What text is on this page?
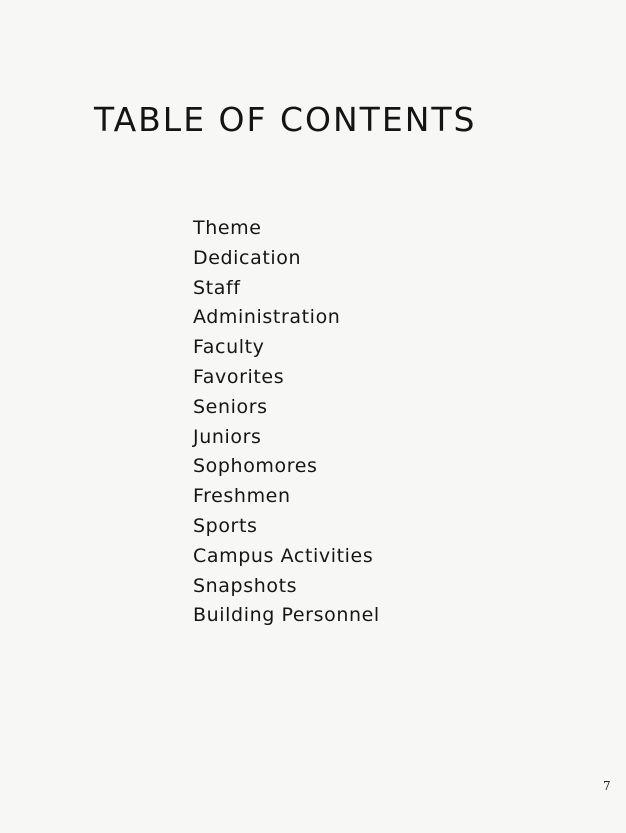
TABLE OF CONTENTS
Theme
Dedication
Staff
Administration
Faculty
Favorites
Seniors
Juniors
Sophomores
Freshmen
Sports
Campus Activities
Snapshots
Building Personnel
7
